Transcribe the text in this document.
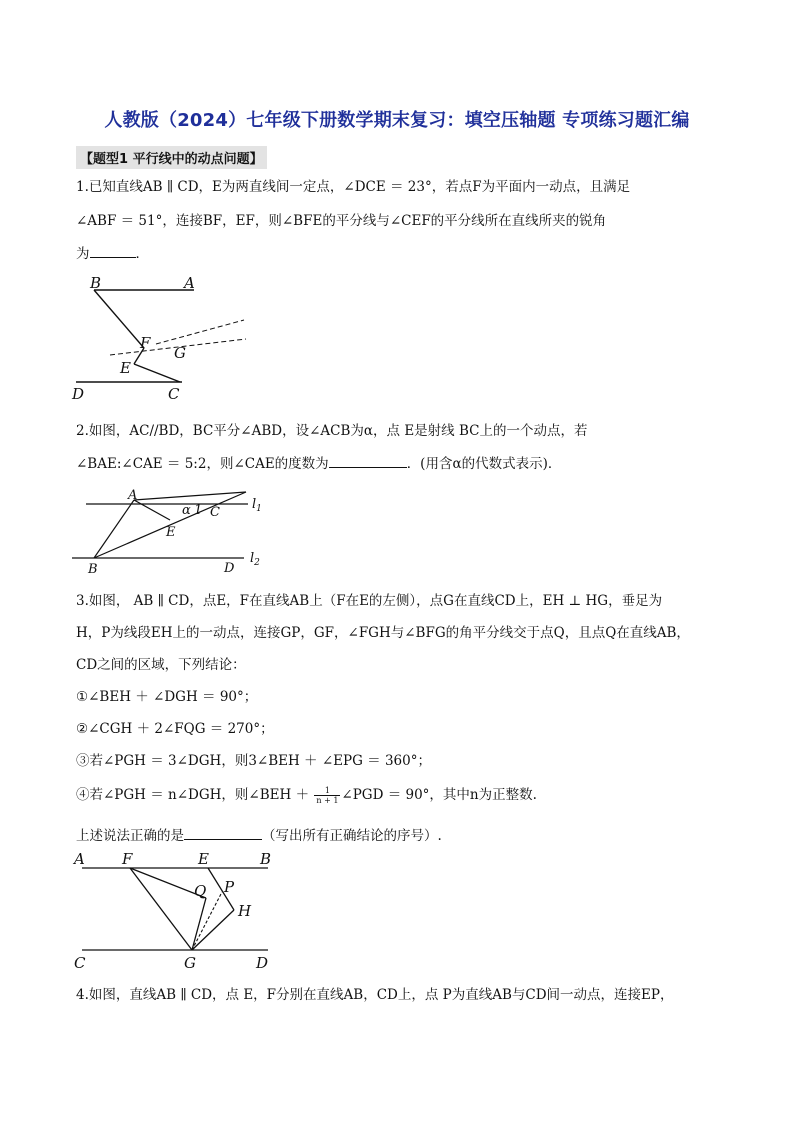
人教版（2024）七年级下册数学期末复习：填空压轴题 专项练习题汇编
【题型1 平行线中的动点问题】
1.已知直线AB ∥ CD，E为两直线间一定点，∠DCE ＝ 23°，若点F为平面内一动点，且满足
∠ABF ＝ 51°，连接BF，EF，则∠BFE的平分线与∠CEF的平分线所在直线所夹的锐角
为	．
B	A
F
G
E
D	C
2.如图，AC//BD，BC平分∠ABD，设∠ACB为α，点 E是射线 BC上的一个动点，若
∠BAE:∠CAE ＝ 5:2，则∠CAE的度数为	．(用含α的代数式表示)．
A
α 1 C
$l_1$
E
$l_2$
B	D
3.如图， AB ∥ CD，点E，F在直线AB上（F在E的左侧），点G在直线CD上，EH ⊥ HG，垂足为
H，P为线段EH上的一动点，连接GP，GF，∠FGH与∠BFG的角平分线交于点Q，且点Q在直线AB，
CD之间的区域，下列结论：
①∠BEH ＋ ∠DGH ＝ 90°；
②∠CGH ＋ 2∠FQG ＝ 270°；
③若∠PGH ＝ 3∠DGH，则3∠BEH ＋ ∠EPG ＝ 360°；
④若∠PGH ＝ n∠DGH，则∠BEH ＋ $\frac{1}{n + 1}$ ∠PGD ＝ 90°，其中n为正整数.
上述说法正确的是	（写出所有正确结论的序号）.
A F	E	B
Q P
H
C	G	D
4.如图，直线AB ∥ CD，点 E，F分别在直线AB，CD上，点 P为直线AB与CD间一动点，连接EP，
